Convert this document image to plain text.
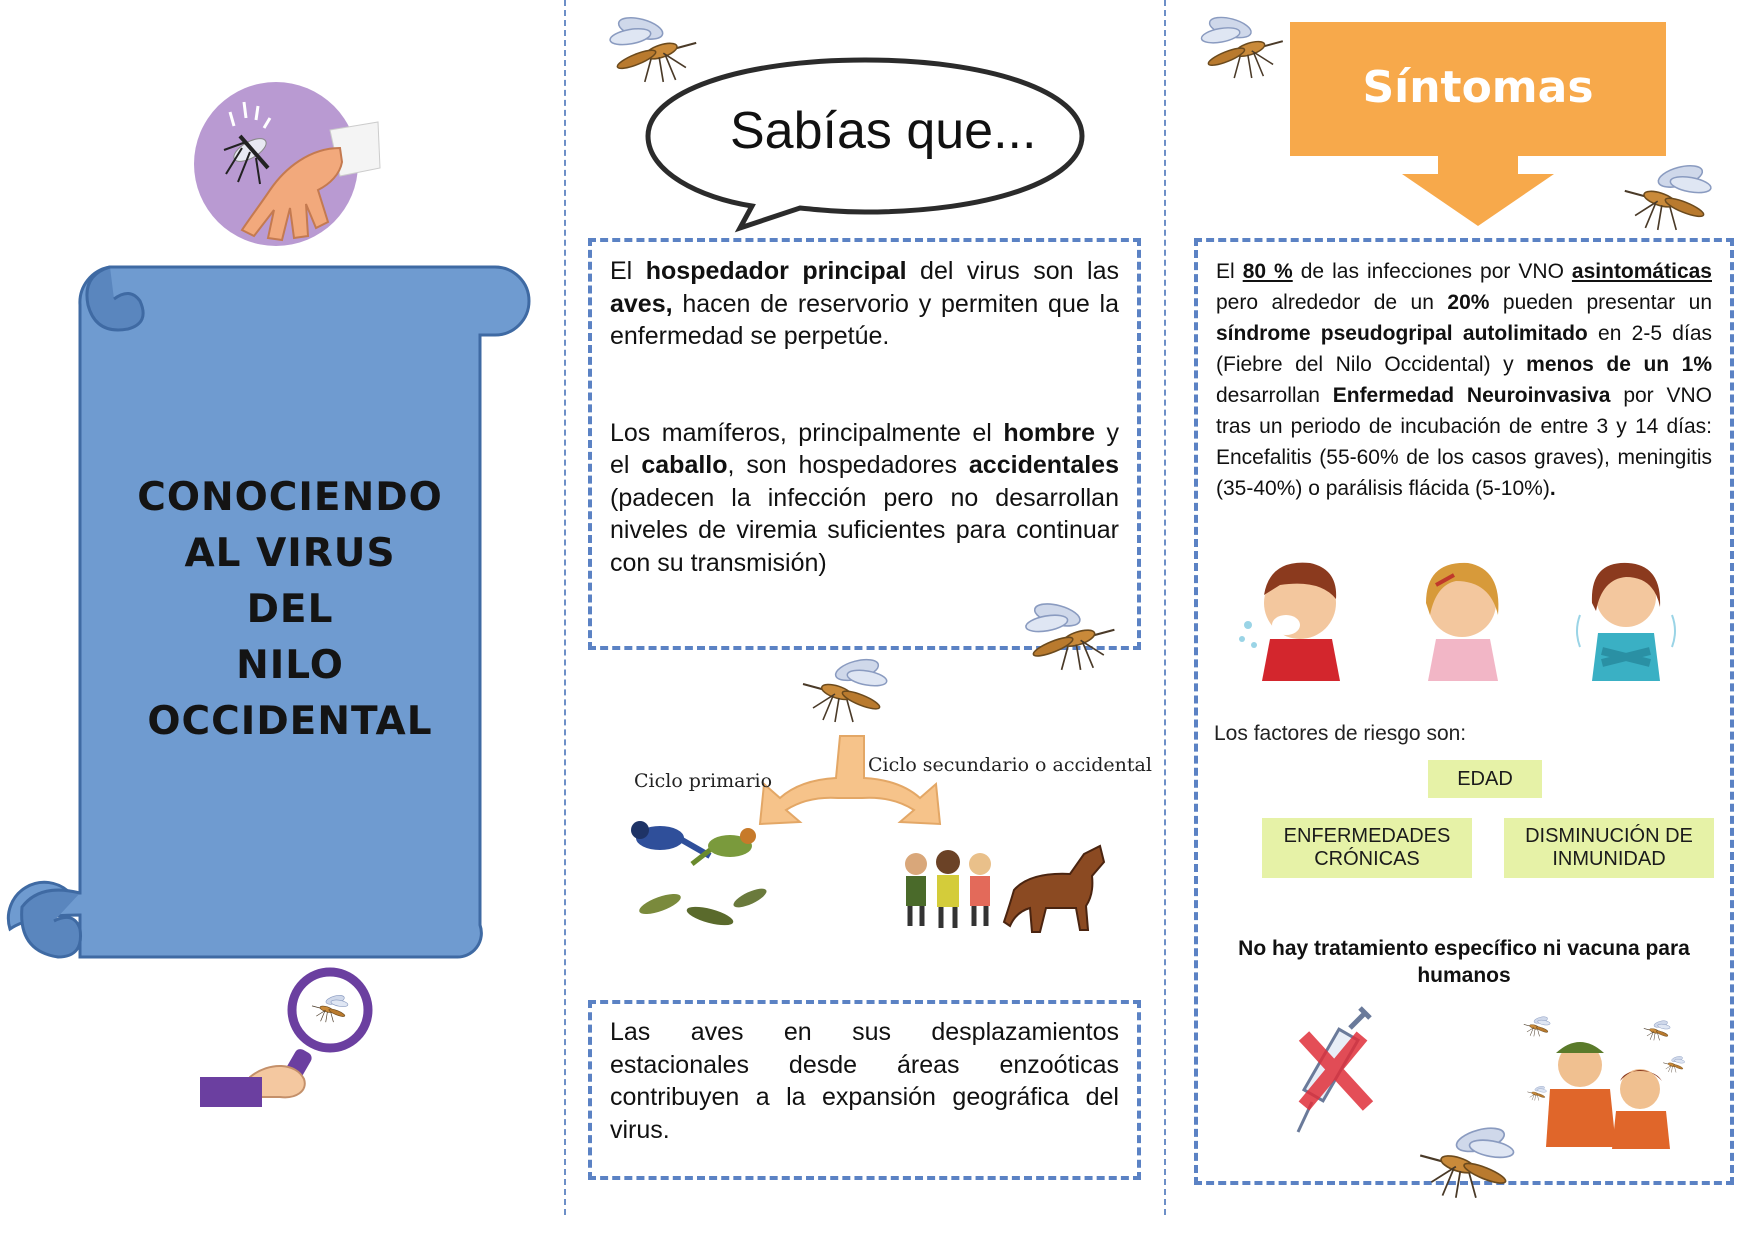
CONOCIENDO
AL VIRUS
DEL
NILO
OCCIDENTAL
Sabías que...

El hospedador principal del virus son las aves, hacen de reservorio y permiten que la enfermedad se perpetúe.

Los mamíferos, principalmente el hombre y el caballo, son hospedadores accidentales (padecen la infección pero no desarrollan niveles de viremia suficientes para continuar con su transmisión)

Ciclo primario
Ciclo secundario o accidental

Las aves en sus desplazamientos estacionales desde áreas enzoóticas contribuyen a la expansión geográfica del virus.

Síntomas

El 80 % de las infecciones por VNO asintomáticas pero alrededor de un 20% pueden presentar un síndrome pseudogripal autolimitado en 2-5 días (Fiebre del Nilo Occidental) y menos de un 1% desarrollan Enfermedad Neuroinvasiva por VNO tras un periodo de incubación de entre 3 y 14 días: Encefalitis (55-60% de los casos graves), meningitis (35-40%) o parálisis flácida (5-10%).

Los factores de riesgo son:
EDAD
ENFERMEDADES
CRÓNICAS
DISMINUCIÓN DE
INMUNIDAD
No hay tratamiento específico ni vacuna para humanos
